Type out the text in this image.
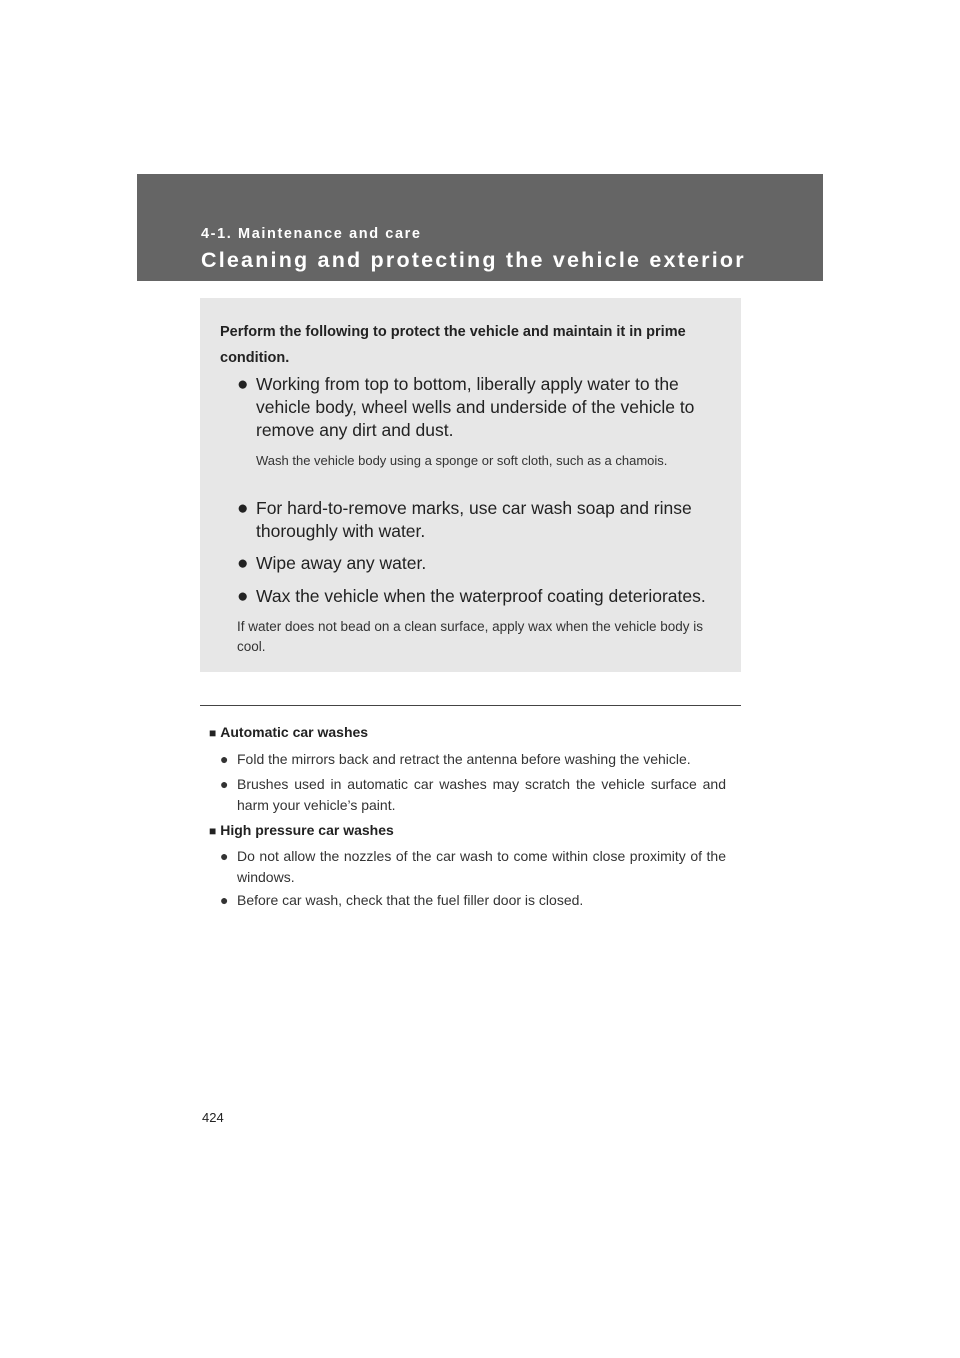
4-1. Maintenance and care
Cleaning and protecting the vehicle exterior
Perform the following to protect the vehicle and maintain it in prime condition.
● Working from top to bottom, liberally apply water to the vehicle body, wheel wells and underside of the vehicle to remove any dirt and dust.
Wash the vehicle body using a sponge or soft cloth, such as a chamois.
● For hard-to-remove marks, use car wash soap and rinse thoroughly with water.
● Wipe away any water.
● Wax the vehicle when the waterproof coating deteriorates.
If water does not bead on a clean surface, apply wax when the vehicle body is cool.
■ Automatic car washes
● Fold the mirrors back and retract the antenna before washing the vehicle.
● Brushes used in automatic car washes may scratch the vehicle surface and harm your vehicle’s paint.
■ High pressure car washes
● Do not allow the nozzles of the car wash to come within close proximity of the windows.
● Before car wash, check that the fuel filler door is closed.
424
